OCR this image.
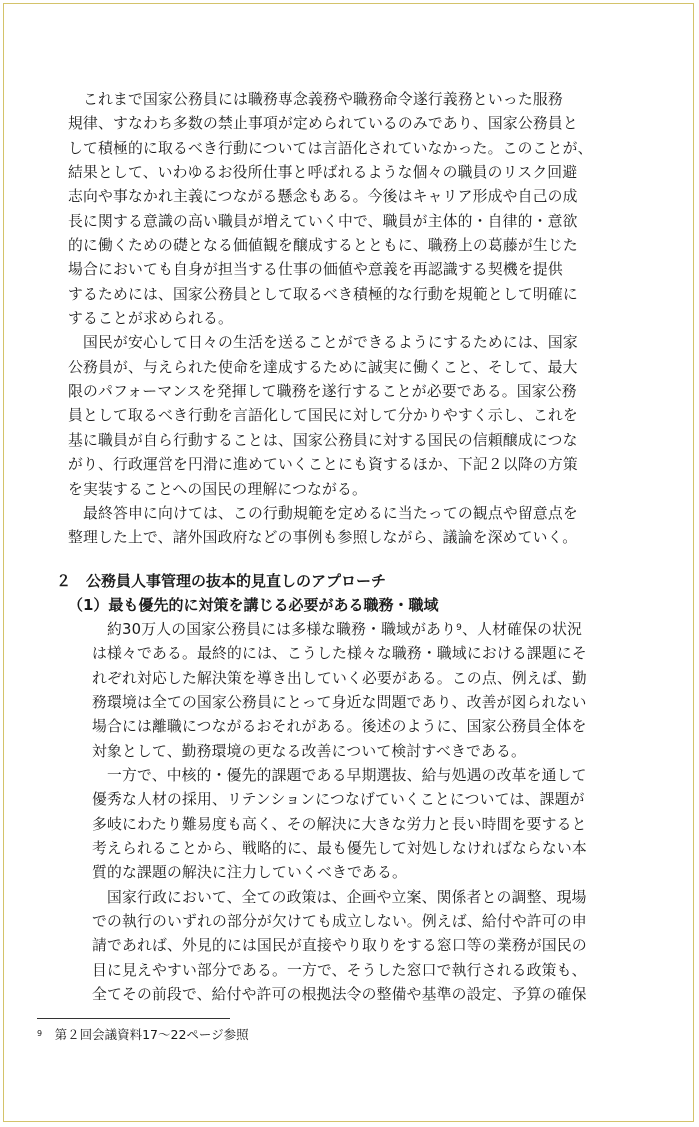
　これまで国家公務員には職務専念義務や職務命令遂行義務といった服務
規律、すなわち多数の禁止事項が定められているのみであり、国家公務員と
して積極的に取るべき行動については言語化されていなかった。このことが、
結果として、いわゆるお役所仕事と呼ばれるような個々の職員のリスク回避
志向や事なかれ主義につながる懸念もある。今後はキャリア形成や自己の成
長に関する意識の高い職員が増えていく中で、職員が主体的・自律的・意欲
的に働くための礎となる価値観を醸成するとともに、職務上の葛藤が生じた
場合においても自身が担当する仕事の価値や意義を再認識する契機を提供
するためには、国家公務員として取るべき積極的な行動を規範として明確に
することが求められる。
　国民が安心して日々の生活を送ることができるようにするためには、国家
公務員が、与えられた使命を達成するために誠実に働くこと、そして、最大
限のパフォーマンスを発揮して職務を遂行することが必要である。国家公務
員として取るべき行動を言語化して国民に対して分かりやすく示し、これを
基に職員が自ら行動することは、国家公務員に対する国民の信頼醸成につな
がり、行政運営を円滑に進めていくことにも資するほか、下記２以降の方策
を実装することへの国民の理解につながる。
　最終答申に向けては、この行動規範を定めるに当たっての観点や留意点を
整理した上で、諸外国政府などの事例も参照しながら、議論を深めていく。
２　公務員人事管理の抜本的見直しのアプローチ
（1）最も優先的に対策を講じる必要がある職務・職域
　約30万人の国家公務員には多様な職務・職域があり$^9$、人材確保の状況
は様々である。最終的には、こうした様々な職務・職域における課題にそ
れぞれ対応した解決策を導き出していく必要がある。この点、例えば、勤
務環境は全ての国家公務員にとって身近な問題であり、改善が図られない
場合には離職につながるおそれがある。後述のように、国家公務員全体を
対象として、勤務環境の更なる改善について検討すべきである。
　一方で、中核的・優先的課題である早期選抜、給与処遇の改革を通して
優秀な人材の採用、リテンションにつなげていくことについては、課題が
多岐にわたり難易度も高く、その解決に大きな労力と長い時間を要すると
考えられることから、戦略的に、最も優先して対処しなければならない本
質的な課題の解決に注力していくべきである。
　国家行政において、全ての政策は、企画や立案、関係者との調整、現場
での執行のいずれの部分が欠けても成立しない。例えば、給付や許可の申
請であれば、外見的には国民が直接やり取りをする窓口等の業務が国民の
目に見えやすい部分である。一方で、そうした窓口で執行される政策も、
全てその前段で、給付や許可の根拠法令の整備や基準の設定、予算の確保
$^9$　第２回会議資料17〜22ページ参照
